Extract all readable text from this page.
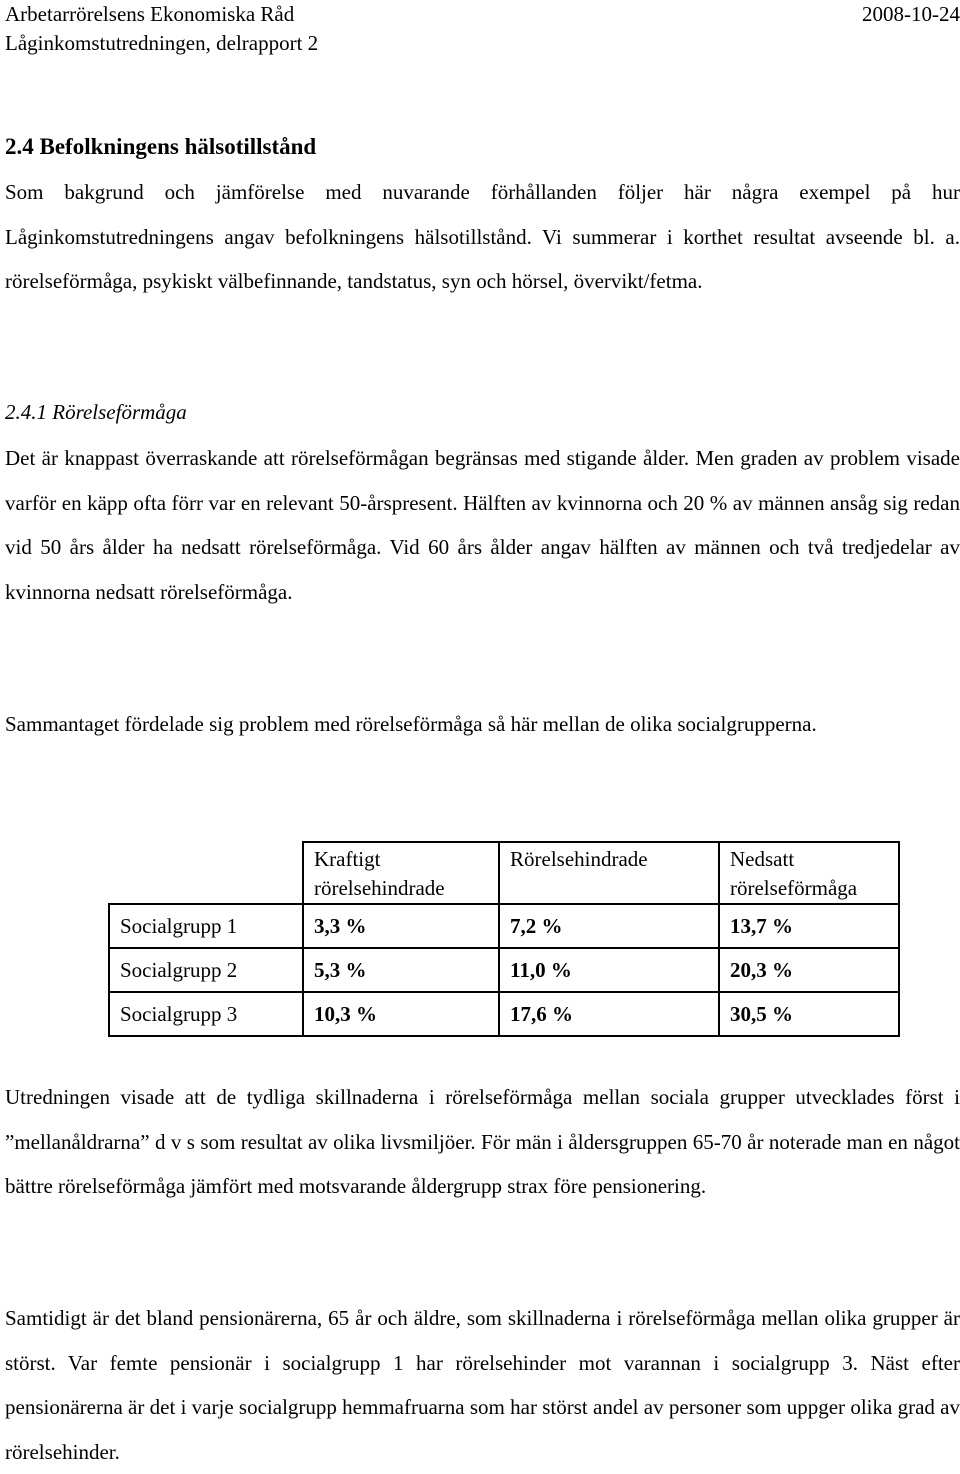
Arbetarrörelsens Ekonomiska Råd	2008-10-24
Låginkomstutredningen, delrapport 2
2.4 Befolkningens hälsotillstånd

Som bakgrund och jämförelse med nuvarande förhållanden följer här några exempel på hur Låginkomstutredningens angav befolkningens hälsotillstånd. Vi summerar i korthet resultat avseende bl. a. rörelseförmåga, psykiskt välbefinnande, tandstatus, syn och hörsel, övervikt/fetma.

2.4.1 Rörelseförmåga

Det är knappast överraskande att rörelseförmågan begränsas med stigande ålder. Men graden av problem visade varför en käpp ofta förr var en relevant 50-årspresent. Hälften av kvinnorna och 20 % av männen ansåg sig redan vid 50 års ålder ha nedsatt rörelseförmåga. Vid 60 års ålder angav hälften av männen och två tredjedelar av kvinnorna nedsatt rörelseförmåga.

Sammantaget fördelade sig problem med rörelseförmåga så här mellan de olika socialgrupperna.

	Kraftigt rörelsehindrade	Rörelsehindrade	Nedsatt rörelseförmåga
Socialgrupp 1	3,3 %	7,2 %	13,7 %
Socialgrupp 2	5,3 %	11,0 %	20,3 %
Socialgrupp 3	10,3 %	17,6 %	30,5 %

Utredningen visade att de tydliga skillnaderna i rörelseförmåga mellan sociala grupper utvecklades först i ”mellanåldrarna” d v s som resultat av olika livsmiljöer. För män i åldersgruppen 65-70 år noterade man en något bättre rörelseförmåga jämfört med motsvarande åldergrupp strax före pensionering.

Samtidigt är det bland pensionärerna, 65 år och äldre, som skillnaderna i rörelseförmåga mellan olika grupper är störst. Var femte pensionär i socialgrupp 1 har rörelsehinder mot varannan i socialgrupp 3. Näst efter pensionärerna är det i varje socialgrupp hemmafruarna som har störst andel av personer som uppger olika grad av rörelsehinder.
